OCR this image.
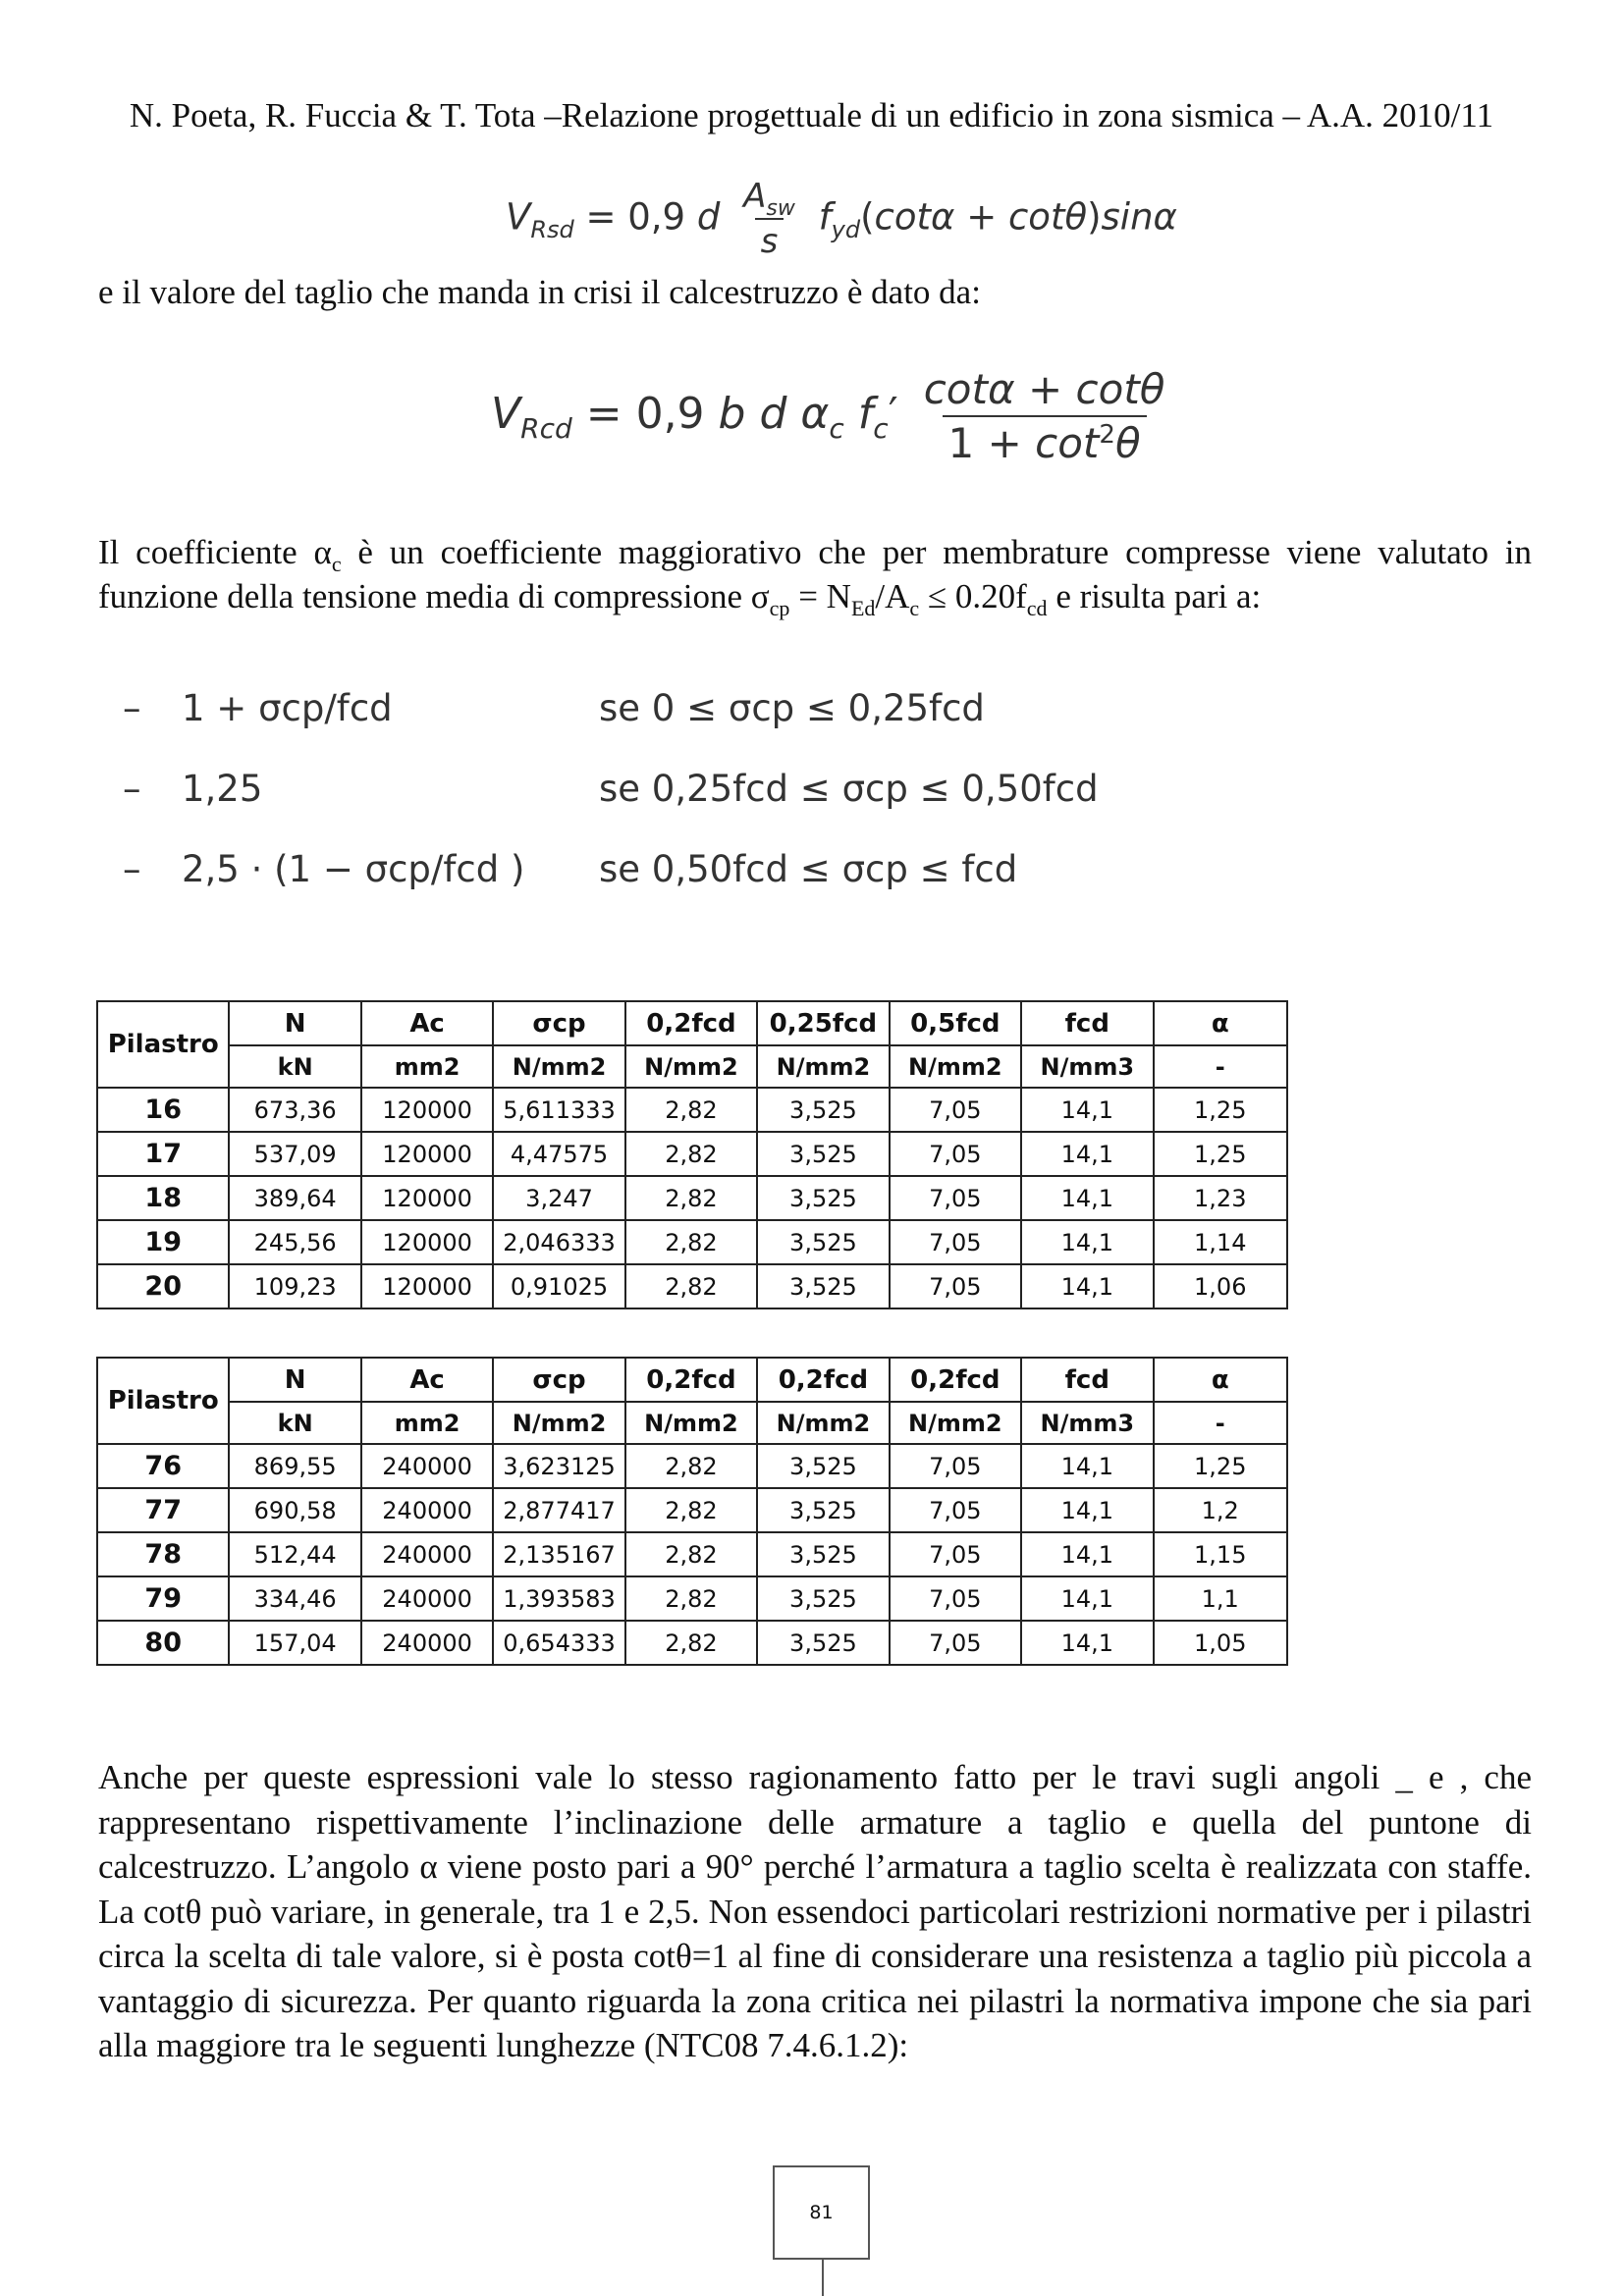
N. Poeta, R. Fuccia & T. Tota –Relazione progettuale di un edificio in zona sismica – A.A. 2010/11
$V_{Rsd} = 0,9$ d $\frac{A_{sw}}{s} f_{yd}(\cot\alpha + \cot\theta)\sin\alpha$
e il valore del taglio che manda in crisi il calcestruzzo è dato da:
$V_{Rcd} = 0,9$ b d $\alpha_c$ $f_c' \frac{\cot\alpha + \cot\theta}{1 + \cot^2\theta}$
Il coefficiente $\alpha_c$ è un coefficiente maggiorativo che per membrature compresse viene valutato in funzione della tensione media di compressione $\sigma_{cp} = N_{Ed}/A_c \le 0.20f_{cd}$ e risulta pari a:
– 1 + σcp/fcd	se 0 ≤ σcp ≤ 0,25fcd
– 1,25	se 0,25fcd ≤ σcp ≤ 0,50fcd
– 2,5 · (1 − σcp/fcd ) se 0,50fcd ≤ σcp ≤ fcd
Pilastro	N	Ac	σcp	0,2fcd	0,25fcd	0,5fcd	fcd	α
	kN	mm2	N/mm2	N/mm2	N/mm2	N/mm2	N/mm3	-
16	673,36	120000	5,611333	2,82	3,525	7,05	14,1	1,25
17	537,09	120000	4,47575	2,82	3,525	7,05	14,1	1,25
18	389,64	120000	3,247	2,82	3,525	7,05	14,1	1,23
19	245,56	120000	2,046333	2,82	3,525	7,05	14,1	1,14
20	109,23	120000	0,91025	2,82	3,525	7,05	14,1	1,06
Pilastro	N	Ac	σcp	0,2fcd	0,2fcd	0,2fcd	fcd	α
	kN	mm2	N/mm2	N/mm2	N/mm2	N/mm2	N/mm3	-
76	869,55	240000	3,623125	2,82	3,525	7,05	14,1	1,25
77	690,58	240000	2,877417	2,82	3,525	7,05	14,1	1,2
78	512,44	240000	2,135167	2,82	3,525	7,05	14,1	1,15
79	334,46	240000	1,393583	2,82	3,525	7,05	14,1	1,1
80	157,04	240000	0,654333	2,82	3,525	7,05	14,1	1,05
Anche per queste espressioni vale lo stesso ragionamento fatto per le travi sugli angoli _ e , che rappresentano rispettivamente l’inclinazione delle armature a taglio e quella del puntone di calcestruzzo. L’angolo α viene posto pari a 90° perché l’armatura a taglio scelta è realizzata con staffe. La cotθ può variare, in generale, tra 1 e 2,5. Non essendoci particolari restrizioni normative per i pilastri circa la scelta di tale valore, si è posta cotθ=1 al fine di considerare una resistenza a taglio più piccola a vantaggio di sicurezza. Per quanto riguarda la zona critica nei pilastri la normativa impone che sia pari alla maggiore tra le seguenti lunghezze (NTC08 7.4.6.1.2):
81
